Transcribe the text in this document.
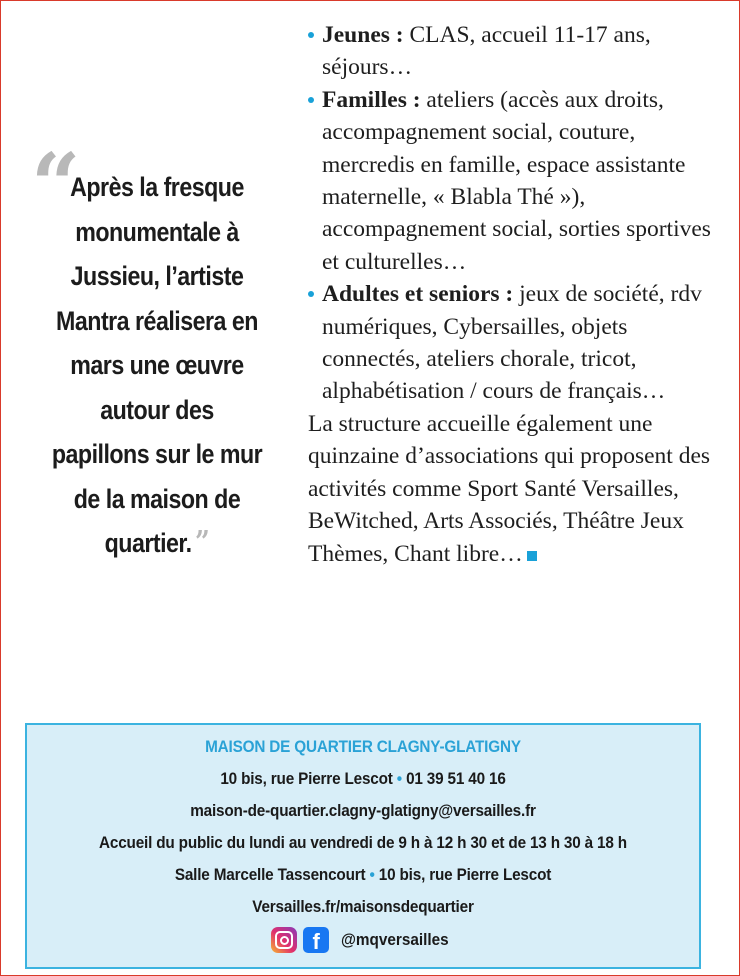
“

Après la fresque monumentale à Jussieu, l’artiste Mantra réalisera en mars une œuvre autour des papillons sur le mur de la maison de quartier. ”

Jeunes : CLAS, accueil 11-17 ans, séjours…
Familles : ateliers (accès aux droits, accompagnement social, couture, mercredis en famille, espace assistante maternelle, « Blabla Thé »), accompagnement social, sorties sportives et culturelles…
Adultes et seniors : jeux de société, rdv numériques, Cybersailles, objets connectés, ateliers chorale, tricot, alphabétisation / cours de français…

La structure accueille également une quinzaine d’associations qui proposent des activités comme Sport Santé Versailles, BeWitched, Arts Associés, Théâtre Jeux Thèmes, Chant libre…

MAISON DE QUARTIER CLAGNY-GLATIGNY
10 bis, rue Pierre Lescot • 01 39 51 40 16
maison-de-quartier.clagny-glatigny@versailles.fr
Accueil du public du lundi au vendredi de 9 h à 12 h 30 et de 13 h 30 à 18 h
Salle Marcelle Tassencourt • 10 bis, rue Pierre Lescot
Versailles.fr/maisonsdequartier
f	@mqversailles
